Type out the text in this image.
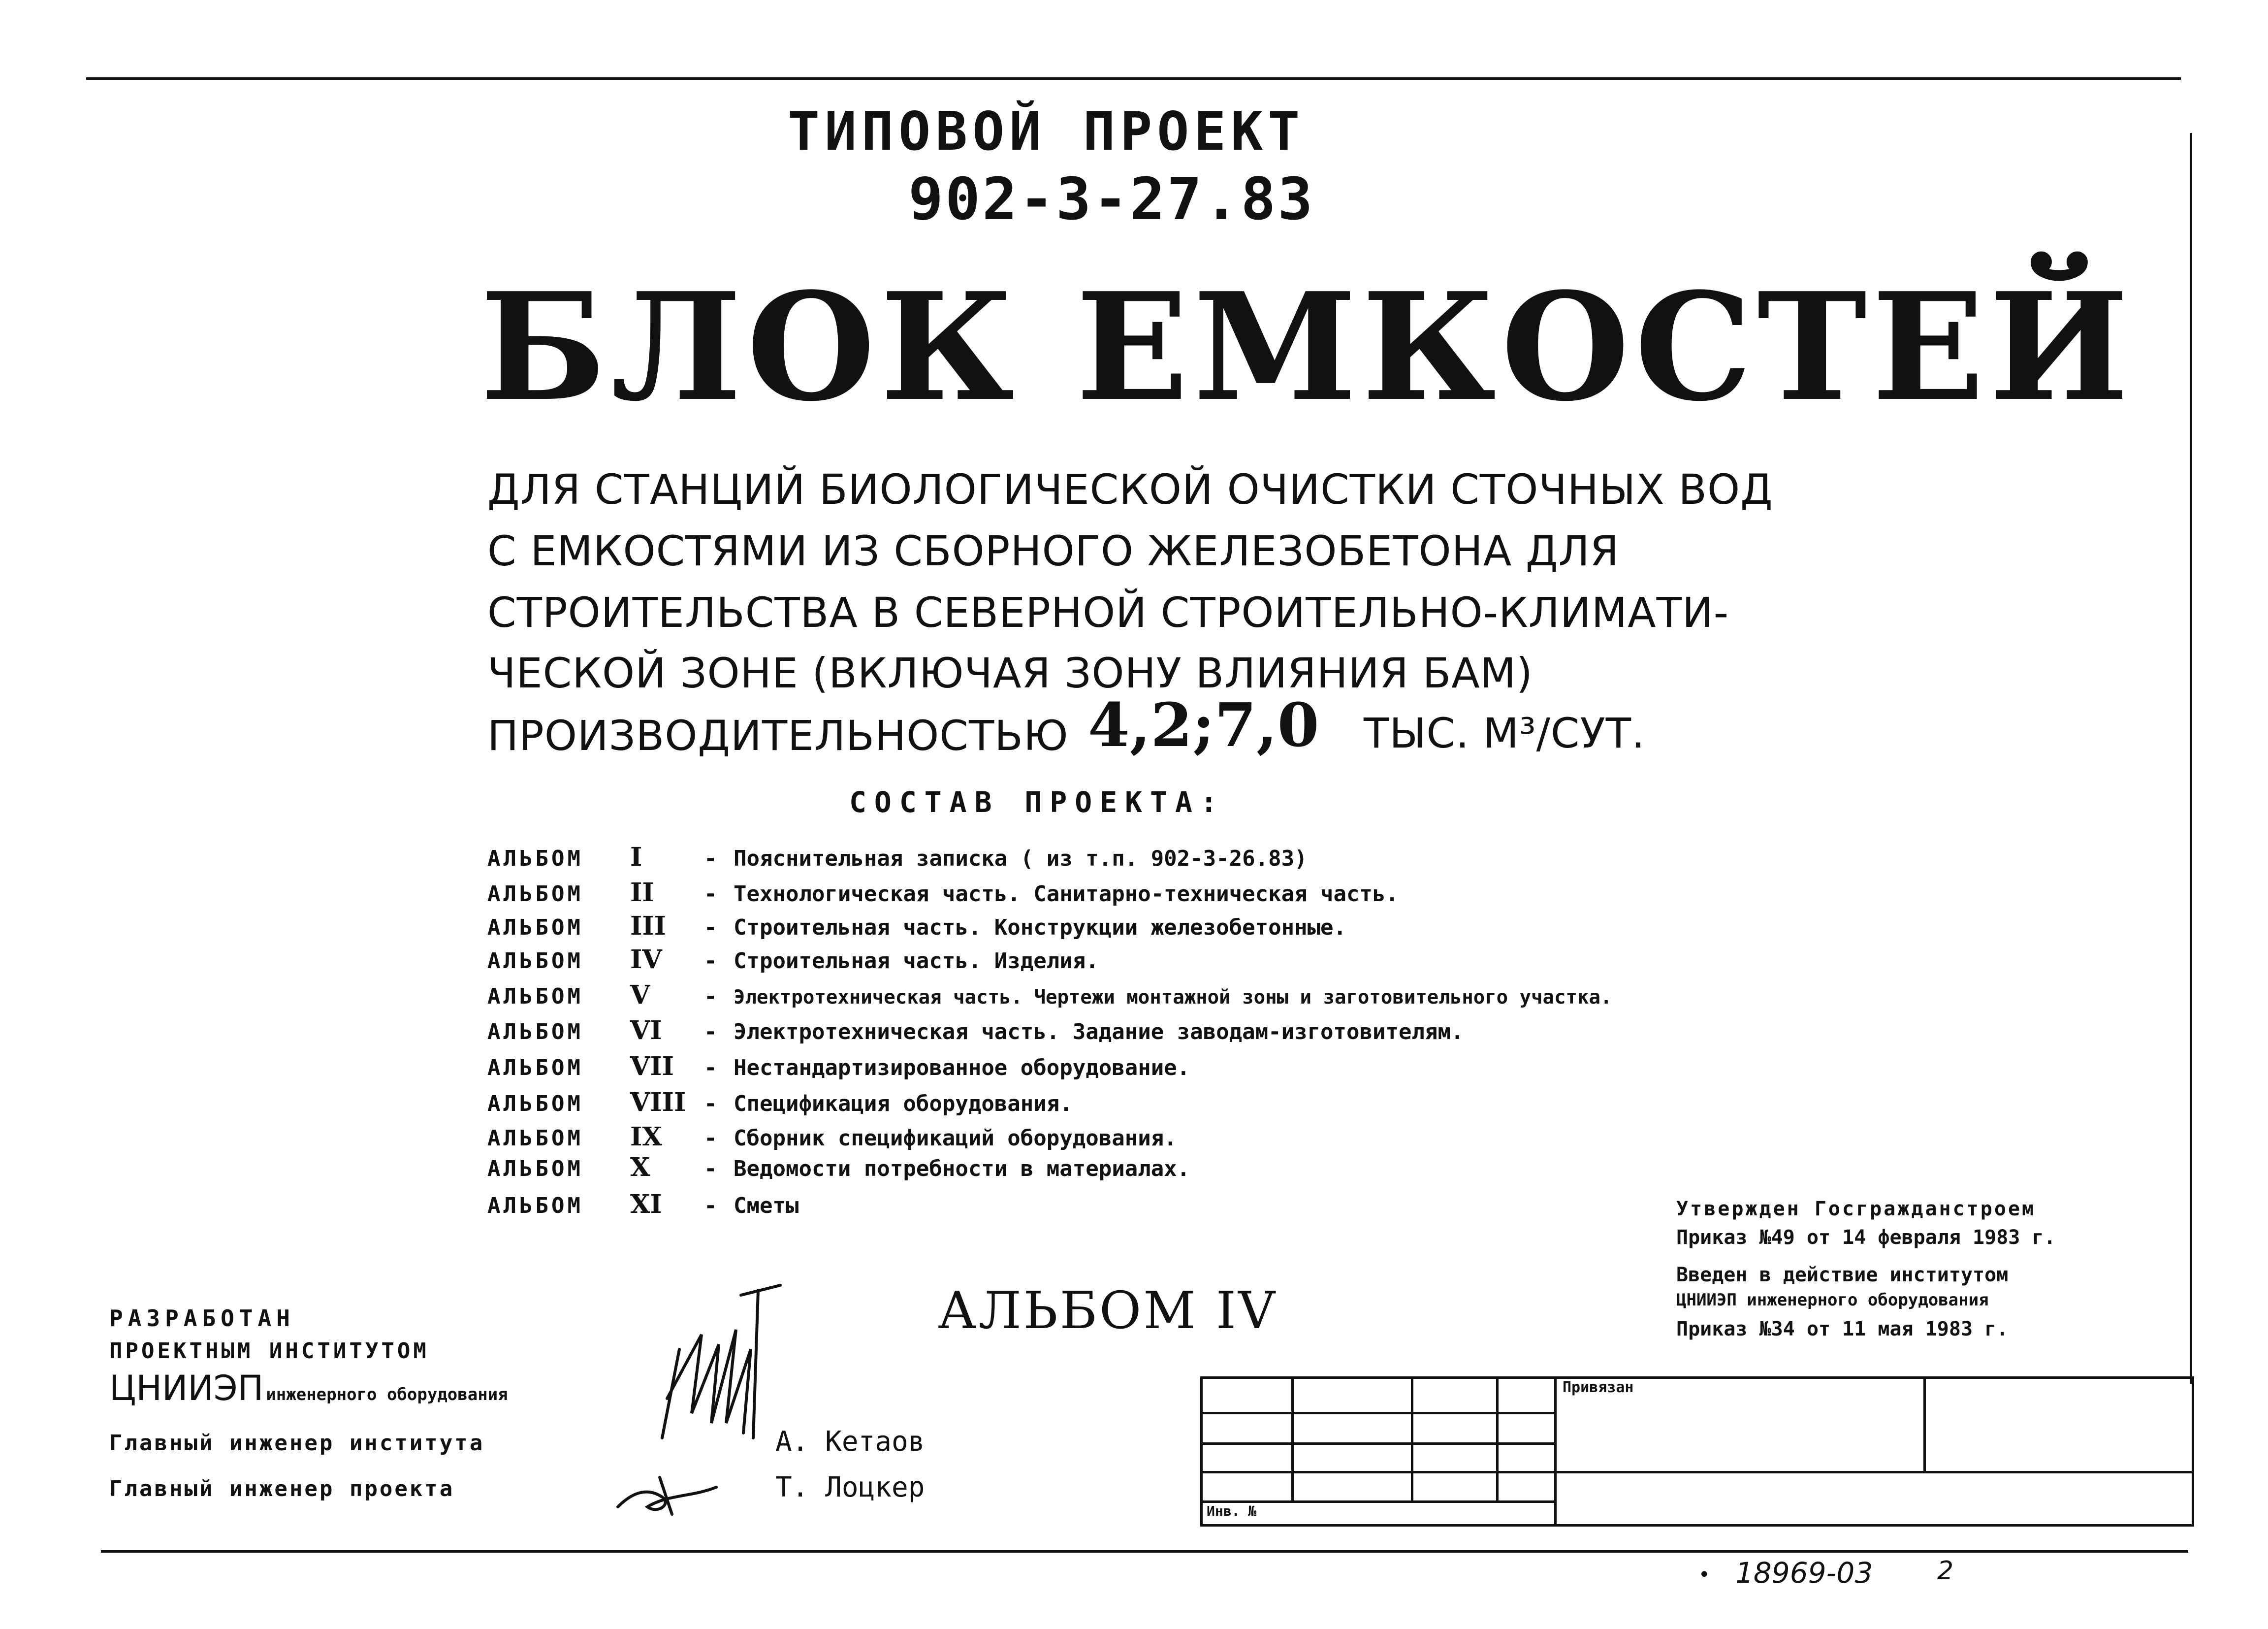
ТИПОВОЙ ПРОЕКТ
902-3-27.83
БЛОК ЕМКОСТЕЙ
ДЛЯ СТАНЦИЙ БИОЛОГИЧЕСКОЙ ОЧИСТКИ СТОЧНЫХ ВОД
С ЕМКОСТЯМИ ИЗ СБОРНОГО ЖЕЛЕЗОБЕТОНА ДЛЯ
СТРОИТЕЛЬСТВА В СЕВЕРНОЙ СТРОИТЕЛЬНО-КЛИМАТИ-
ЧЕСКОЙ ЗОНЕ (ВКЛЮЧАЯ ЗОНУ ВЛИЯНИЯ БАМ)
ПРОИЗВОДИТЕЛЬНОСТЬЮ 4,2;7,0 ТЫС. М³/СУТ.
СОСТАВ ПРОЕКТА:
АЛЬБОМ I	- Пояснительная записка ( из т.п. 902-3-26.83)
АЛЬБОМ II - Технологическая часть. Санитарно-техническая часть.
АЛЬБОМ III - Строительная часть. Конструкции железобетонные.
АЛЬБОМ IV - Строительная часть. Изделия.
АЛЬБОМ V - Электротехническая часть. Чертежи монтажной зоны и заготовительного участка.
АЛЬБОМ VI - Электротехническая часть. Задание заводам-изготовителям.
АЛЬБОМ VII - Нестандартизированное оборудование.
АЛЬБОМ VIII - Спецификация оборудования.
АЛЬБОМ IX - Сборник спецификаций оборудования.
АЛЬБОМ X - Ведомости потребности в материалах.
АЛЬБОМ XI - Сметы
АЛЬБОМ IV
Утвержден Госгражданстроем
Приказ №49 от 14 февраля 1983 г.
Введен в действие институтом
ЦНИИЭП инженерного оборудования
Приказ №34 от 11 мая 1983 г.
РАЗРАБОТАН
ПРОЕКТНЫМ ИНСТИТУТОМ
ЦНИИЭП инженерного оборудования
Главный инженер института
Главный инженер проекта
А. Кетаов
Т. Лоцкер
				Привязан	

Инв. №					
• 18969-03	2
